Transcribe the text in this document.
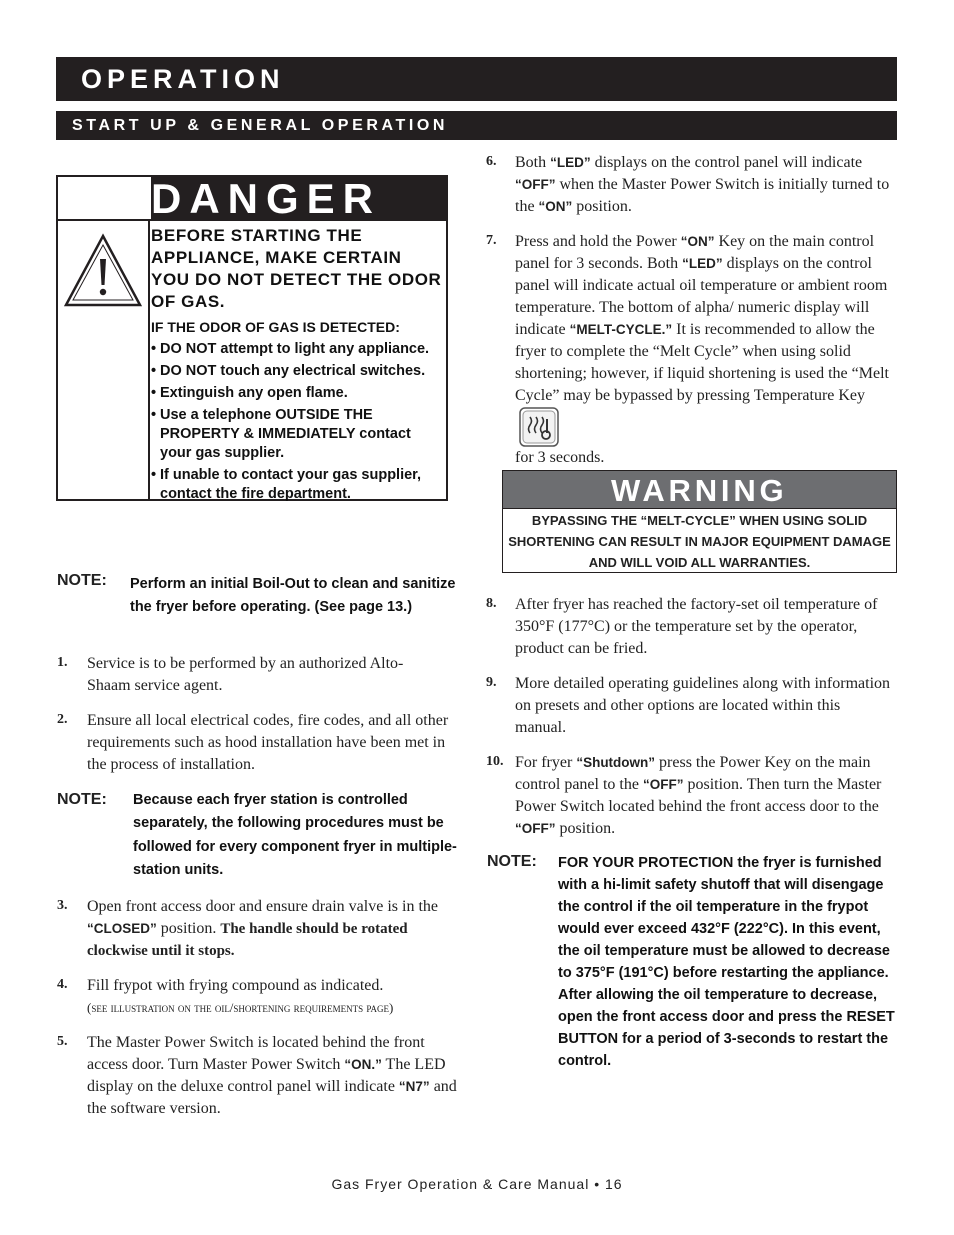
OPERATION
START UP & GENERAL OPERATION
DANGER

BEFORE STARTING THE APPLIANCE, MAKE CERTAIN YOU DO NOT DETECT THE ODOR OF GAS.

IF THE ODOR OF GAS IS DETECTED:

• DO NOT attempt to light any appliance.
• DO NOT touch any electrical switches.
• Extinguish any open flame.
• Use a telephone OUTSIDE THE PROPERTY & IMMEDIATELY contact your gas supplier.
• If unable to contact your gas supplier, contact the fire department.
NOTE: Perform an initial Boil-Out to clean and sanitize the fryer before operating. (See page 13.)
1. Service is to be performed by an authorized Alto-Shaam service agent.
2. Ensure all local electrical codes, fire codes, and all other requirements such as hood installation have been met in the process of installation.
NOTE: Because each fryer station is controlled separately, the following procedures must be followed for every component fryer in multiple-station units.
3. Open front access door and ensure drain valve is in the “CLOSED” position. The handle should be rotated clockwise until it stops.
4. Fill frypot with frying compound as indicated.
(see illustration on the oil/shortening requirements page)
5. The Master Power Switch is located behind the front access door. Turn Master Power Switch “ON.” The LED display on the deluxe control panel will indicate “N7” and the software version.
6. Both “LED” displays on the control panel will indicate “OFF” when the Master Power Switch is initially turned to the “ON” position.
7. Press and hold the Power “ON” Key on the main control panel for 3 seconds. Both “LED” displays on the control panel will indicate actual oil temperature or ambient room temperature. The bottom of alpha/ numeric display will indicate “MELT-CYCLE.” It is recommended to allow the fryer to complete the “Melt Cycle” when using solid shortening; however, if liquid shortening is used the “Melt Cycle” may be bypassed by pressing Temperature Key
for 3 seconds.
WARNING
BYPASSING THE “MELT-CYCLE” WHEN USING SOLID SHORTENING CAN RESULT IN MAJOR EQUIPMENT DAMAGE AND WILL VOID ALL WARRANTIES.
8. After fryer has reached the factory-set oil temperature of 350°F (177°C) or the temperature set by the operator, product can be fried.
9. More detailed operating guidelines along with information on presets and other options are located within this manual.
10. For fryer “Shutdown” press the Power Key on the main control panel to the “OFF” position. Then turn the Master Power Switch located behind the front access door to the “OFF” position.
NOTE: FOR YOUR PROTECTION the fryer is furnished with a hi-limit safety shutoff that will disengage the control if the oil temperature in the frypot would ever exceed 432°F (222°C). In this event, the oil temperature must be allowed to decrease to 375°F (191°C) before restarting the appliance. After allowing the oil temperature to decrease, open the front access door and press the RESET BUTTON for a period of 3-seconds to restart the control.
Gas Fryer Operation & Care Manual • 16
